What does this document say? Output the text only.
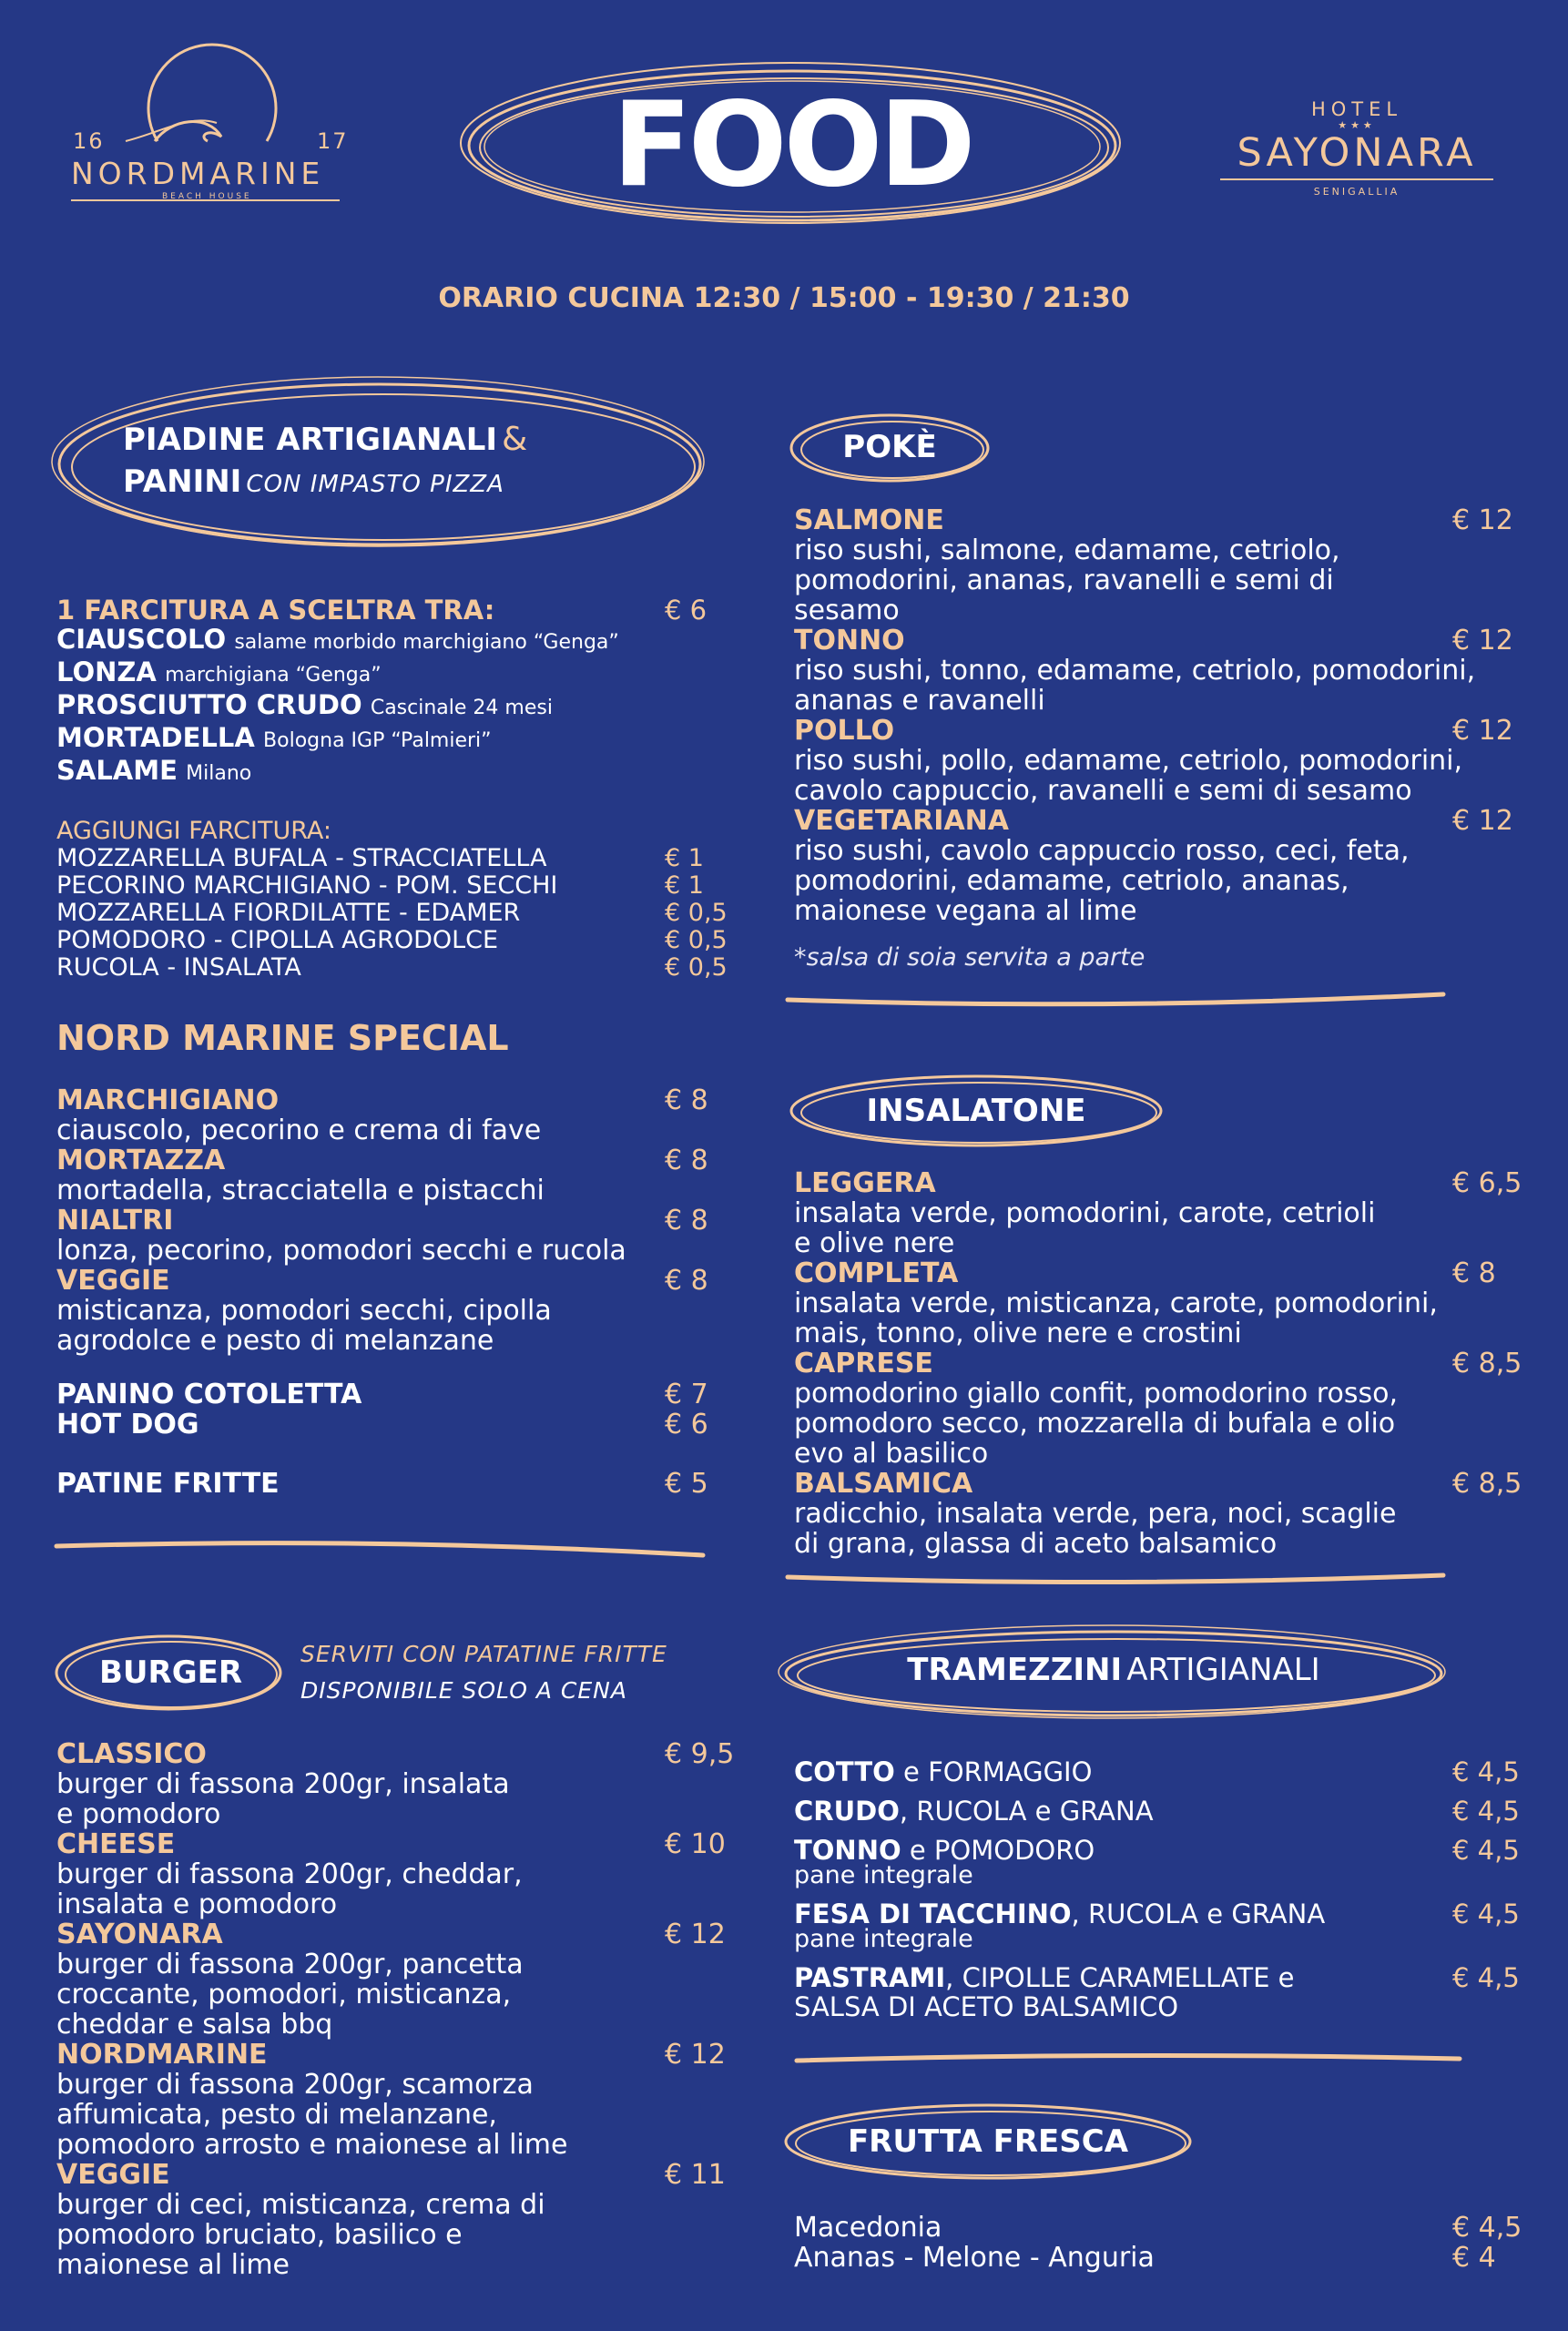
16	17
NORDMARINE
BEACH HOUSE	FOOD	HOTEL
★★★
SAYONARA
SENIGALLIA
ORARIO CUCINA 12:30 / 15:00 - 19:30 / 21:30
PIADINE ARTIGIANALI &
PANINI CON IMPASTO PIZZA
1 FARCITURA A SCELTRA TRA:	€ 6
CIAUSCOLO salame morbido marchigiano “Genga”
LONZA marchigiana “Genga”
PROSCIUTTO CRUDO Cascinale 24 mesi
MORTADELLA Bologna IGP “Palmieri”
SALAME Milano
AGGIUNGI FARCITURA:
MOZZARELLA BUFALA - STRACCIATELLA	€ 1
PECORINO MARCHIGIANO - POM. SECCHI	€ 1
MOZZARELLA FIORDILATTE - EDAMER	€ 0,5
POMODORO - CIPOLLA AGRODOLCE	€ 0,5
RUCOLA - INSALATA	€ 0,5
NORD MARINE SPECIAL
MARCHIGIANO	€ 8
ciauscolo, pecorino e crema di fave
MORTAZZA	€ 8
mortadella, stracciatella e pistacchi
NIALTRI	€ 8
lonza, pecorino, pomodori secchi e rucola
VEGGIE	€ 8
misticanza, pomodori secchi, cipolla
agrodolce e pesto di melanzane
PANINO COTOLETTA	€ 7
HOT DOG	€ 6
PATINE FRITTE	€ 5
BURGER
SERVITI CON PATATINE FRITTE
DISPONIBILE SOLO A CENA
CLASSICO	€ 9,5
burger di fassona 200gr, insalata
e pomodoro
CHEESE	€ 10
burger di fassona 200gr, cheddar,
insalata e pomodoro
SAYONARA	€ 12
burger di fassona 200gr, pancetta
croccante, pomodori, misticanza,
cheddar e salsa bbq
NORDMARINE	€ 12
burger di fassona 200gr, scamorza
affumicata, pesto di melanzane,
pomodoro arrosto e maionese al lime
VEGGIE	€ 11
burger di ceci, misticanza, crema di
pomodoro bruciato, basilico e
maionese al lime
POKÈ
SALMONE	€ 12
riso sushi, salmone, edamame, cetriolo,
pomodorini, ananas, ravanelli e semi di
sesamo
TONNO	€ 12
riso sushi, tonno, edamame, cetriolo, pomodorini,
ananas e ravanelli
POLLO	€ 12
riso sushi, pollo, edamame, cetriolo, pomodorini,
cavolo cappuccio, ravanelli e semi di sesamo
VEGETARIANA	€ 12
riso sushi, cavolo cappuccio rosso, ceci, feta,
pomodorini, edamame, cetriolo, ananas,
maionese vegana al lime
*salsa di soia servita a parte
INSALATONE
LEGGERA	€ 6,5
insalata verde, pomodorini, carote, cetrioli
e olive nere
COMPLETA	€ 8
insalata verde, misticanza, carote, pomodorini,
mais, tonno, olive nere e crostini
CAPRESE	€ 8,5
pomodorino giallo confit, pomodorino rosso,
pomodoro secco, mozzarella di bufala e olio
evo al basilico
BALSAMICA	€ 8,5
radicchio, insalata verde, pera, noci, scaglie
di grana, glassa di aceto balsamico
TRAMEZZINI ARTIGIANALI
COTTO e FORMAGGIO	€ 4,5
CRUDO, RUCOLA e GRANA	€ 4,5
TONNO e POMODORO	€ 4,5
pane integrale
FESA DI TACCHINO, RUCOLA e GRANA	€ 4,5
pane integrale
PASTRAMI, CIPOLLE CARAMELLATE e	€ 4,5
SALSA DI ACETO BALSAMICO
FRUTTA FRESCA
Macedonia	€ 4,5
Ananas - Melone - Anguria	€ 4
